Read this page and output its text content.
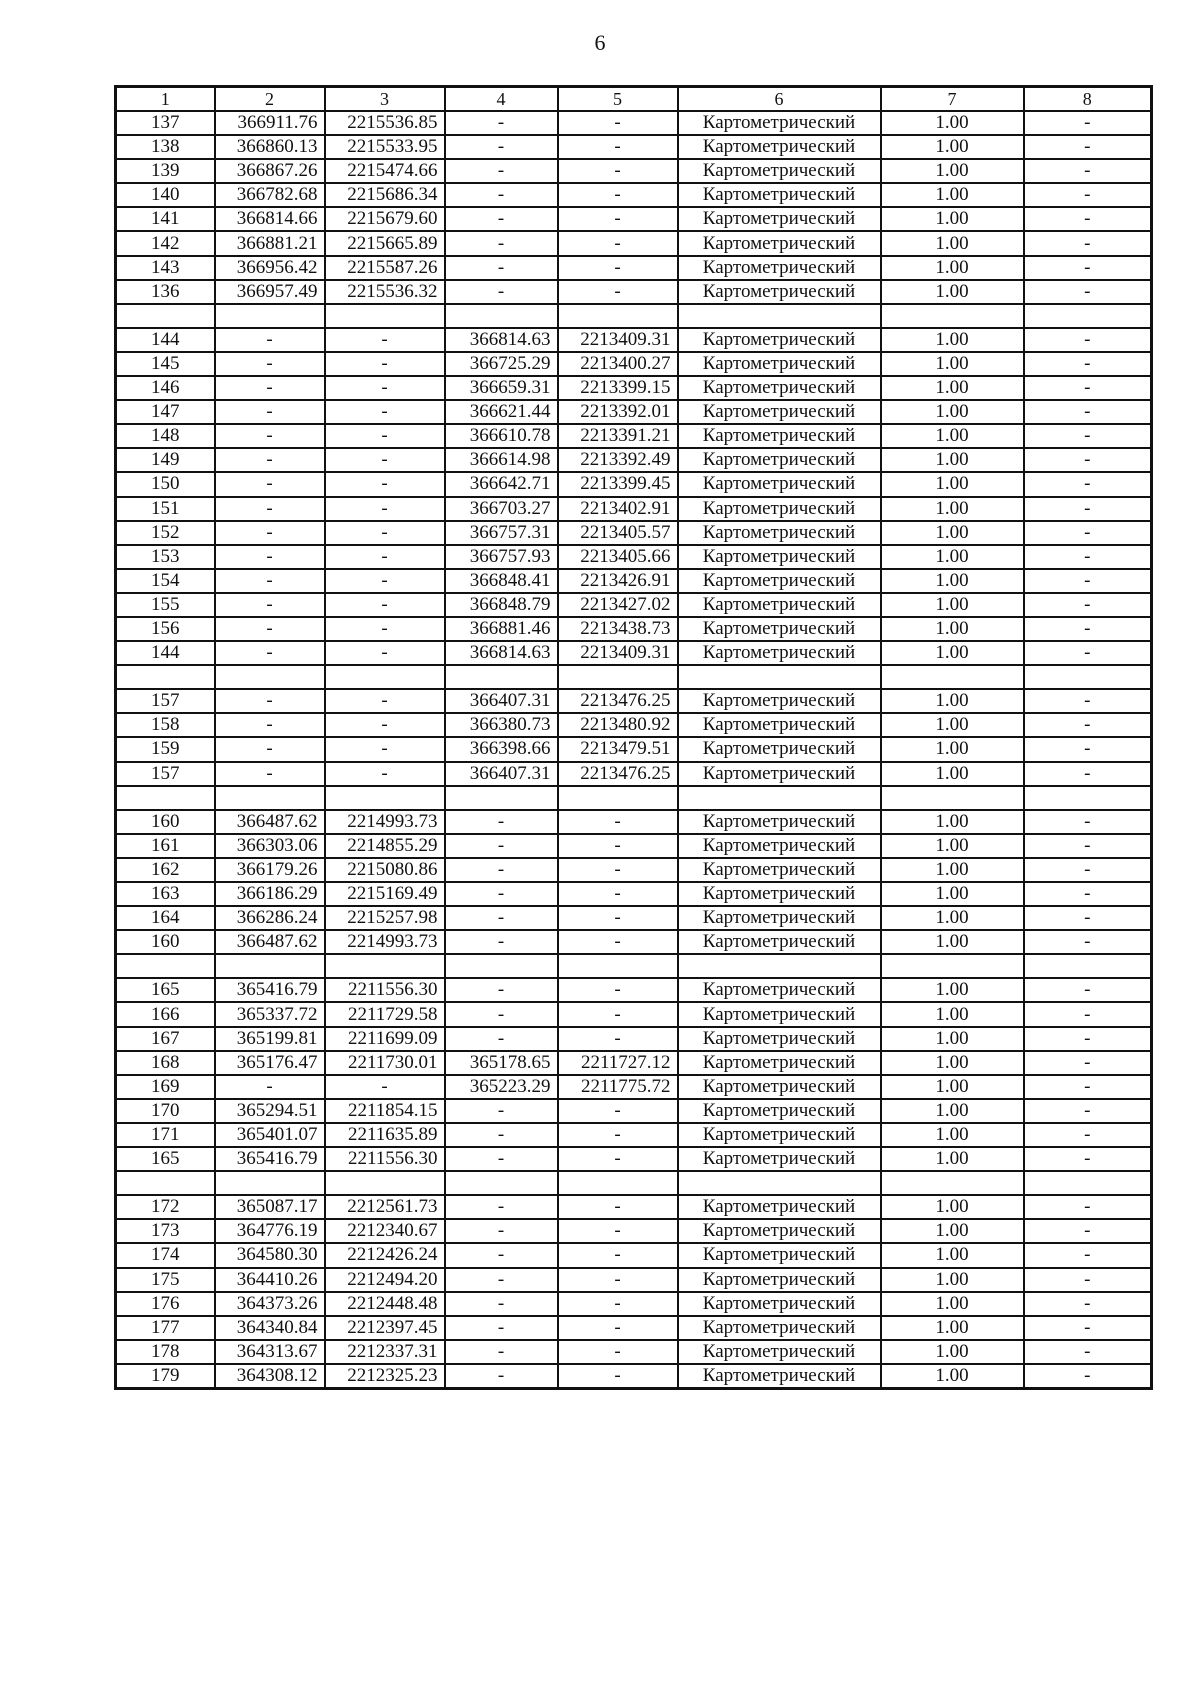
6
1	2	3	4	5	6	7	8
137	366911.76	2215536.85	-	-	Картометрический	1.00	-
138	366860.13	2215533.95	-	-	Картометрический	1.00	-
139	366867.26	2215474.66	-	-	Картометрический	1.00	-
140	366782.68	2215686.34	-	-	Картометрический	1.00	-
141	366814.66	2215679.60	-	-	Картометрический	1.00	-
142	366881.21	2215665.89	-	-	Картометрический	1.00	-
143	366956.42	2215587.26	-	-	Картометрический	1.00	-
136	366957.49	2215536.32	-	-	Картометрический	1.00	-

144	-	-	366814.63	2213409.31	Картометрический	1.00	-
145	-	-	366725.29	2213400.27	Картометрический	1.00	-
146	-	-	366659.31	2213399.15	Картометрический	1.00	-
147	-	-	366621.44	2213392.01	Картометрический	1.00	-
148	-	-	366610.78	2213391.21	Картометрический	1.00	-
149	-	-	366614.98	2213392.49	Картометрический	1.00	-
150	-	-	366642.71	2213399.45	Картометрический	1.00	-
151	-	-	366703.27	2213402.91	Картометрический	1.00	-
152	-	-	366757.31	2213405.57	Картометрический	1.00	-
153	-	-	366757.93	2213405.66	Картометрический	1.00	-
154	-	-	366848.41	2213426.91	Картометрический	1.00	-
155	-	-	366848.79	2213427.02	Картометрический	1.00	-
156	-	-	366881.46	2213438.73	Картометрический	1.00	-
144	-	-	366814.63	2213409.31	Картометрический	1.00	-

157	-	-	366407.31	2213476.25	Картометрический	1.00	-
158	-	-	366380.73	2213480.92	Картометрический	1.00	-
159	-	-	366398.66	2213479.51	Картометрический	1.00	-
157	-	-	366407.31	2213476.25	Картометрический	1.00	-

160	366487.62	2214993.73	-	-	Картометрический	1.00	-
161	366303.06	2214855.29	-	-	Картометрический	1.00	-
162	366179.26	2215080.86	-	-	Картометрический	1.00	-
163	366186.29	2215169.49	-	-	Картометрический	1.00	-
164	366286.24	2215257.98	-	-	Картометрический	1.00	-
160	366487.62	2214993.73	-	-	Картометрический	1.00	-

165	365416.79	2211556.30	-	-	Картометрический	1.00	-
166	365337.72	2211729.58	-	-	Картометрический	1.00	-
167	365199.81	2211699.09	-	-	Картометрический	1.00	-
168	365176.47	2211730.01	365178.65	2211727.12	Картометрический	1.00	-
169	-	-	365223.29	2211775.72	Картометрический	1.00	-
170	365294.51	2211854.15	-	-	Картометрический	1.00	-
171	365401.07	2211635.89	-	-	Картометрический	1.00	-
165	365416.79	2211556.30	-	-	Картометрический	1.00	-

172	365087.17	2212561.73	-	-	Картометрический	1.00	-
173	364776.19	2212340.67	-	-	Картометрический	1.00	-
174	364580.30	2212426.24	-	-	Картометрический	1.00	-
175	364410.26	2212494.20	-	-	Картометрический	1.00	-
176	364373.26	2212448.48	-	-	Картометрический	1.00	-
177	364340.84	2212397.45	-	-	Картометрический	1.00	-
178	364313.67	2212337.31	-	-	Картометрический	1.00	-
179	364308.12	2212325.23	-	-	Картометрический	1.00	-
